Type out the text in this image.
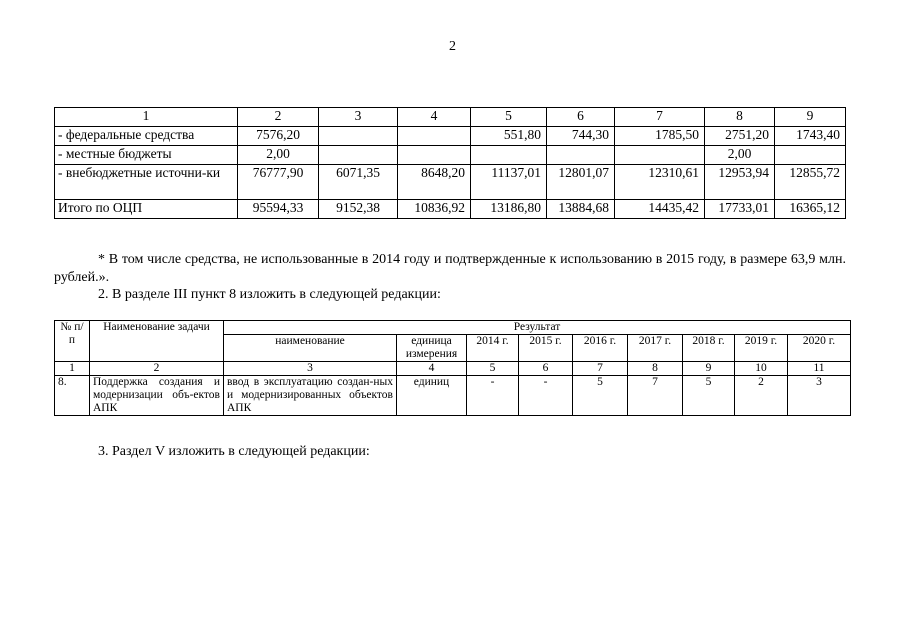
2
1	2	3	4	5	6	7	8	9
- федеральные средства	7576,20			551,80	744,30	1785,50	2751,20	1743,40
- местные бюджеты	2,00						2,00	
- внебюджетные источни-ки	76777,90	6071,35	8648,20	11137,01	12801,07	12310,61	12953,94	12855,72
Итого по ОЦП	95594,33	9152,38	10836,92	13186,80	13884,68	14435,42	17733,01	16365,12
* В том числе средства, не использованные в 2014 году и подтвержденные к использованию в 2015 году, в размере 63,9 млн. рублей.».
2. В разделе III пункт 8 изложить в следующей редакции:
№ п/п	Наименование задачи	Результат								
		наименование	единица измерения	2014 г.	2015 г.	2016 г.	2017 г.	2018 г.	2019 г.	2020 г.
1	2	3	4	5	6	7	8	9	10	11
8.	Поддержка создания и модернизации объ-ектов АПК	ввод в эксплуатацию создан-ных и модернизированных объектов АПК	единиц	-	-	5	7	5	2	3
3. Раздел V изложить в следующей редакции:
